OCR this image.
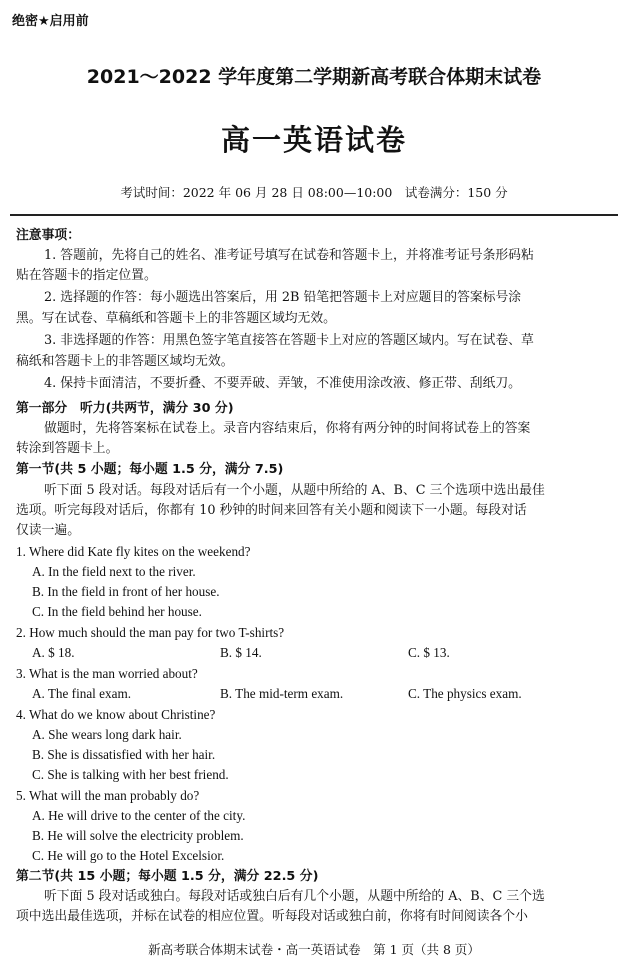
绝密★启用前
2021～2022 学年度第二学期新高考联合体期末试卷
高一英语试卷
考试时间：2022 年 06 月 28 日 08:00—10:00　试卷满分：150 分
注意事项：
1. 答题前，先将自己的姓名、准考证号填写在试卷和答题卡上，并将准考证号条形码粘
贴在答题卡的指定位置。
2. 选择题的作答：每小题选出答案后，用 2B 铅笔把答题卡上对应题目的答案标号涂
黑。写在试卷、草稿纸和答题卡上的非答题区域均无效。
3. 非选择题的作答：用黑色签字笔直接答在答题卡上对应的答题区域内。写在试卷、草
稿纸和答题卡上的非答题区域均无效。
4. 保持卡面清洁，不要折叠、不要弄破、弄皱，不准使用涂改液、修正带、刮纸刀。
第一部分　听力(共两节，满分 30 分)
做题时，先将答案标在试卷上。录音内容结束后，你将有两分钟的时间将试卷上的答案
转涂到答题卡上。
第一节(共 5 小题；每小题 1.5 分，满分 7.5)
听下面 5 段对话。每段对话后有一个小题，从题中所给的 A、B、C 三个选项中选出最佳
选项。听完每段对话后，你都有 10 秒钟的时间来回答有关小题和阅读下一小题。每段对话
仅读一遍。
1. Where did Kate fly kites on the weekend?
A. In the field next to the river.
B. In the field in front of her house.
C. In the field behind her house.
2. How much should the man pay for two T-shirts?
A. $ 18.	B. $ 14.	C. $ 13.
3. What is the man worried about?
A. The final exam.	B. The mid-term exam.	C. The physics exam.
4. What do we know about Christine?
A. She wears long dark hair.
B. She is dissatisfied with her hair.
C. She is talking with her best friend.
5. What will the man probably do?
A. He will drive to the center of the city.
B. He will solve the electricity problem.
C. He will go to the Hotel Excelsior.
第二节(共 15 小题；每小题 1.5 分，满分 22.5 分)
听下面 5 段对话或独白。每段对话或独白后有几个小题，从题中所给的 A、B、C 三个选
项中选出最佳选项，并标在试卷的相应位置。听每段对话或独白前，你将有时间阅读各个小
新高考联合体期末试卷・高一英语试卷　第 1 页（共 8 页）
